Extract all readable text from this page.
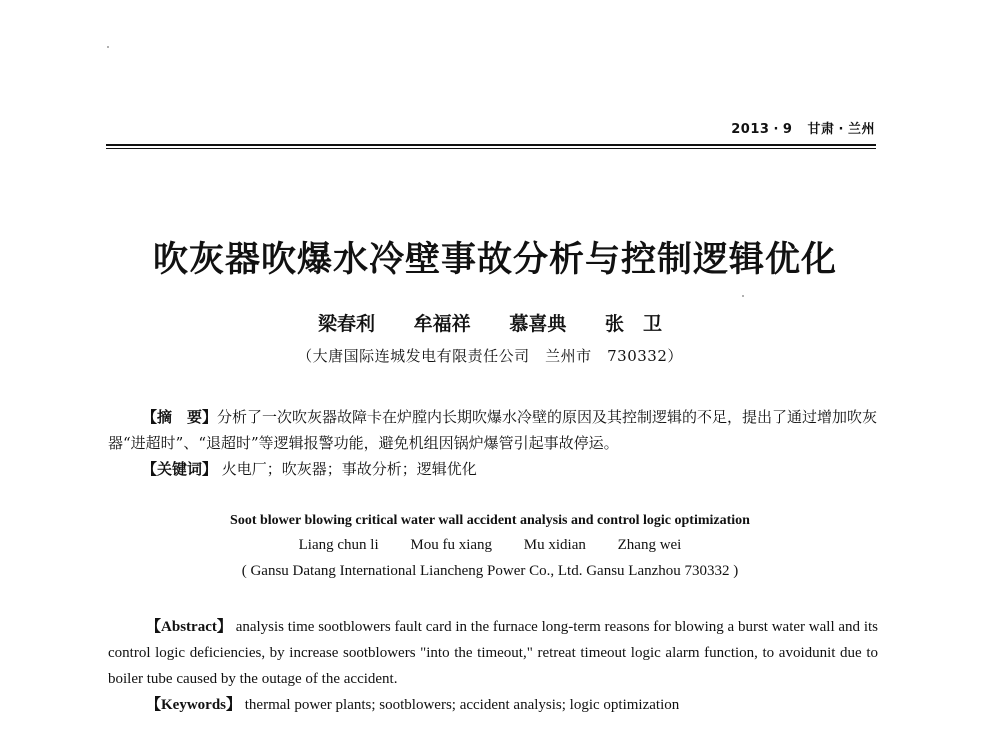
2013 · 9 甘肃 · 兰州
吹灰器吹爆水冷壁事故分析与控制逻辑优化
梁春利 牟福祥 慕喜典 张　卫
（大唐国际连城发电有限责任公司　兰州市　730332）
【摘　要】分析了一次吹灰器故障卡在炉膛内长期吹爆水冷壁的原因及其控制逻辑的不足，提出了通过增加吹灰器“进超时”、“退超时”等逻辑报警功能，避免机组因锅炉爆管引起事故停运。
【关键词】 火电厂；吹灰器；事故分析；逻辑优化
Soot blower blowing critical water wall accident analysis and control logic optimization
Liang chun li Mou fu xiang Mu xidian Zhang wei
( Gansu Datang International Liancheng Power Co., Ltd. Gansu Lanzhou 730332 )
【Abstract】 analysis time sootblowers fault card in the furnace long-term reasons for blowing a burst water wall and its control logic deficiencies, by increase sootblowers "into the timeout," retreat timeout logic alarm function, to avoidunit due to boiler tube caused by the outage of the accident.
【Keywords】 thermal power plants; sootblowers; accident analysis; logic optimization
